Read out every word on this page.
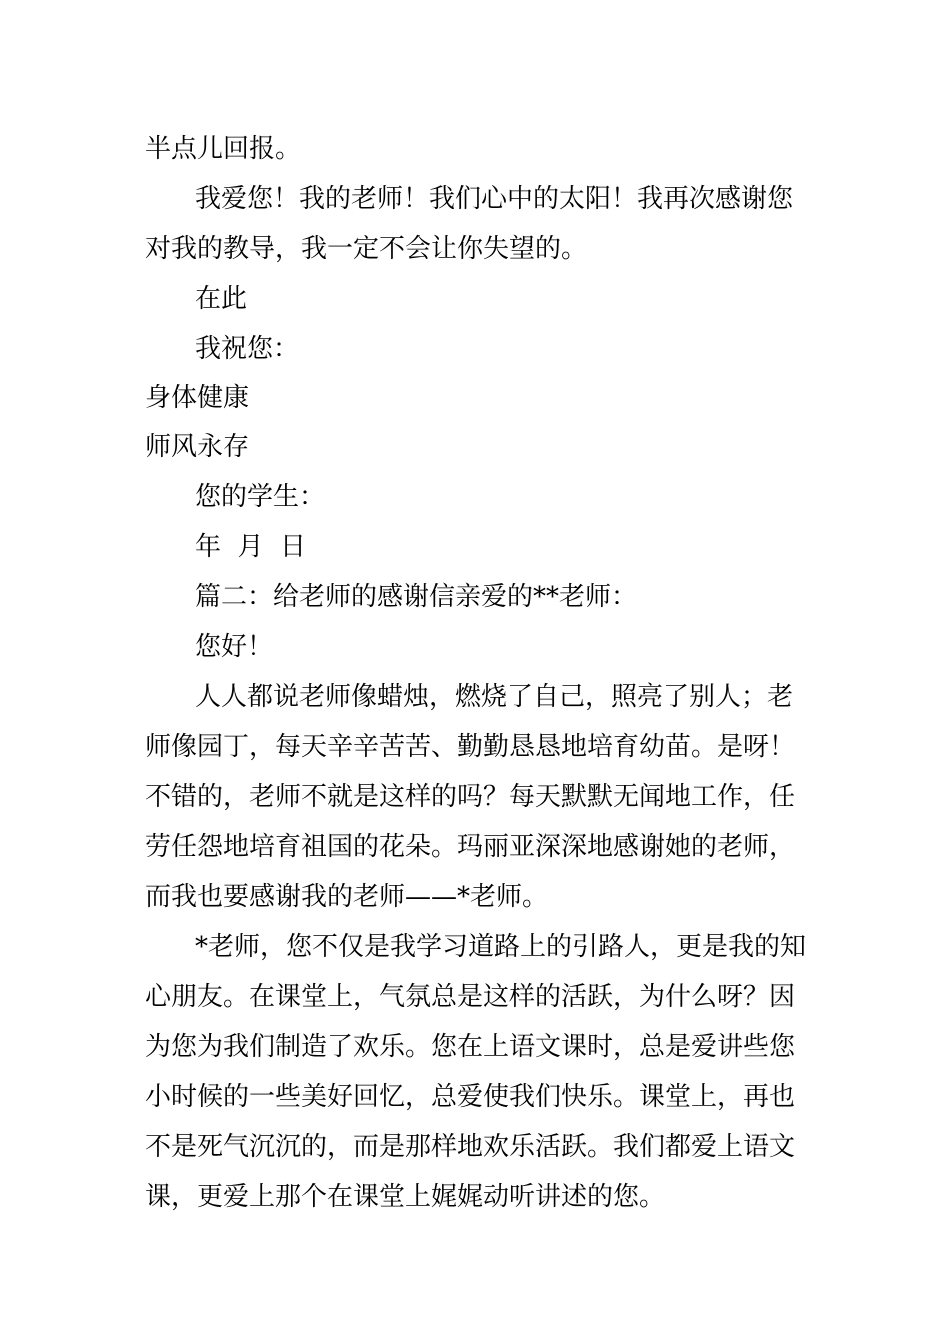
半点儿回报。
我爱您！我的老师！我们心中的太阳！我再次感谢您
对我的教导，我一定不会让你失望的。
在此
我祝您：
身体健康
师风永存
您的学生：
年  月  日
篇二：给老师的感谢信亲爱的**老师：
您好！
人人都说老师像蜡烛，燃烧了自己，照亮了别人；老
师像园丁，每天辛辛苦苦、勤勤恳恳地培育幼苗。是呀！
不错的，老师不就是这样的吗？每天默默无闻地工作，任
劳任怨地培育祖国的花朵。玛丽亚深深地感谢她的老师，
而我也要感谢我的老师——*老师。
*老师，您不仅是我学习道路上的引路人，更是我的知
心朋友。在课堂上，气氛总是这样的活跃，为什么呀？因
为您为我们制造了欢乐。您在上语文课时，总是爱讲些您
小时候的一些美好回忆，总爱使我们快乐。课堂上，再也
不是死气沉沉的，而是那样地欢乐活跃。我们都爱上语文
课，更爱上那个在课堂上娓娓动听讲述的您。
